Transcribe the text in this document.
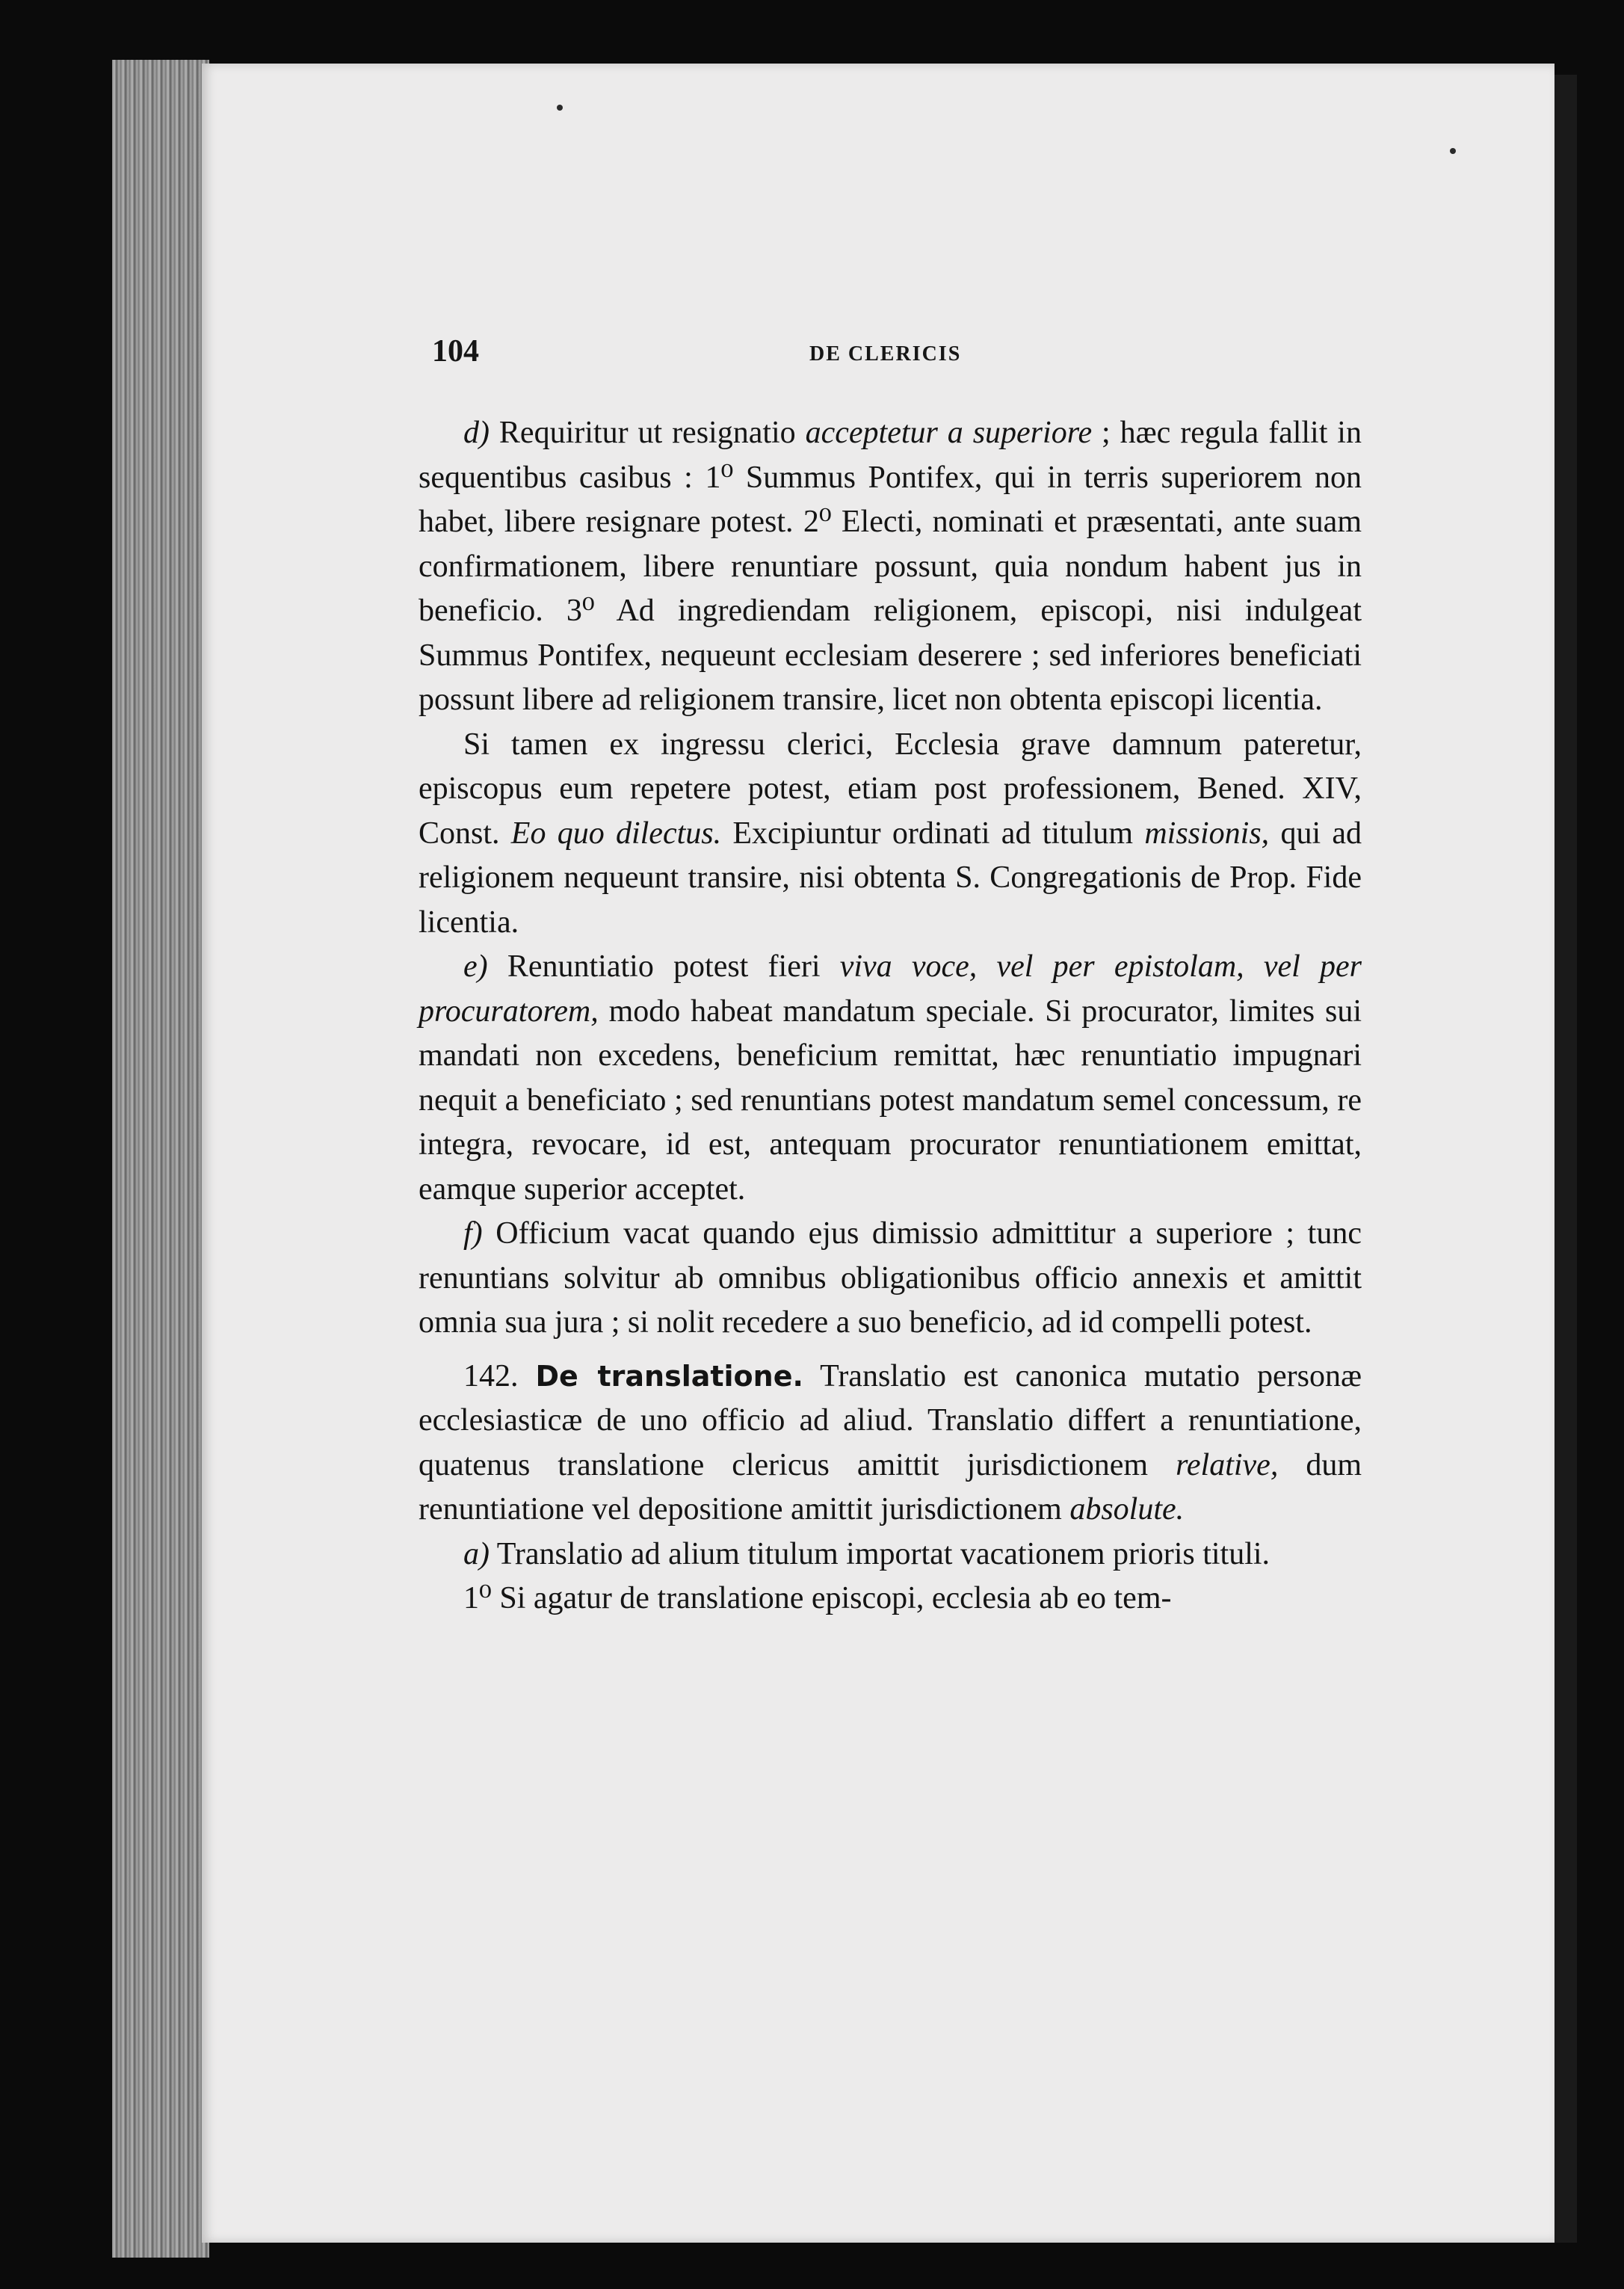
104	DE CLERICIS

d) Requiritur ut resignatio acceptetur a superiore ; hæc regula fallit in sequentibus casibus : 1⁰ Summus Pontifex, qui in terris superiorem non habet, libere resignare potest. 2⁰ Electi, nominati et præsentati, ante suam confirmationem, libere renuntiare possunt, quia nondum habent jus in beneficio. 3⁰ Ad ingrediendam religionem, episcopi, nisi indulgeat Summus Pontifex, nequeunt ecclesiam deserere ; sed inferiores beneficiati possunt libere ad religionem transire, licet non obtenta episcopi licentia.

Si tamen ex ingressu clerici, Ecclesia grave damnum pateretur, episcopus eum repetere potest, etiam post professionem, Bened. XIV, Const. Eo quo dilectus. Excipiuntur ordinati ad titulum missionis, qui ad religionem nequeunt transire, nisi obtenta S. Congregationis de Prop. Fide licentia.

e) Renuntiatio potest fieri viva voce, vel per epistolam, vel per procuratorem, modo habeat mandatum speciale. Si procurator, limites sui mandati non excedens, beneficium remittat, hæc renuntiatio impugnari nequit a beneficiato ; sed renuntians potest mandatum semel concessum, re integra, revocare, id est, antequam procurator renuntiationem emittat, eamque superior acceptet.

f) Officium vacat quando ejus dimissio admittitur a superiore ; tunc renuntians solvitur ab omnibus obligationibus officio annexis et amittit omnia sua jura ; si nolit recedere a suo beneficio, ad id compelli potest.

142. De translatione. Translatio est canonica mutatio personæ ecclesiasticæ de uno officio ad aliud. Translatio differt a renuntiatione, quatenus translatione clericus amittit jurisdictionem relative, dum renuntiatione vel depositione amittit jurisdictionem absolute.

a) Translatio ad alium titulum importat vacationem prioris tituli.

1⁰ Si agatur de translatione episcopi, ecclesia ab eo tem-
